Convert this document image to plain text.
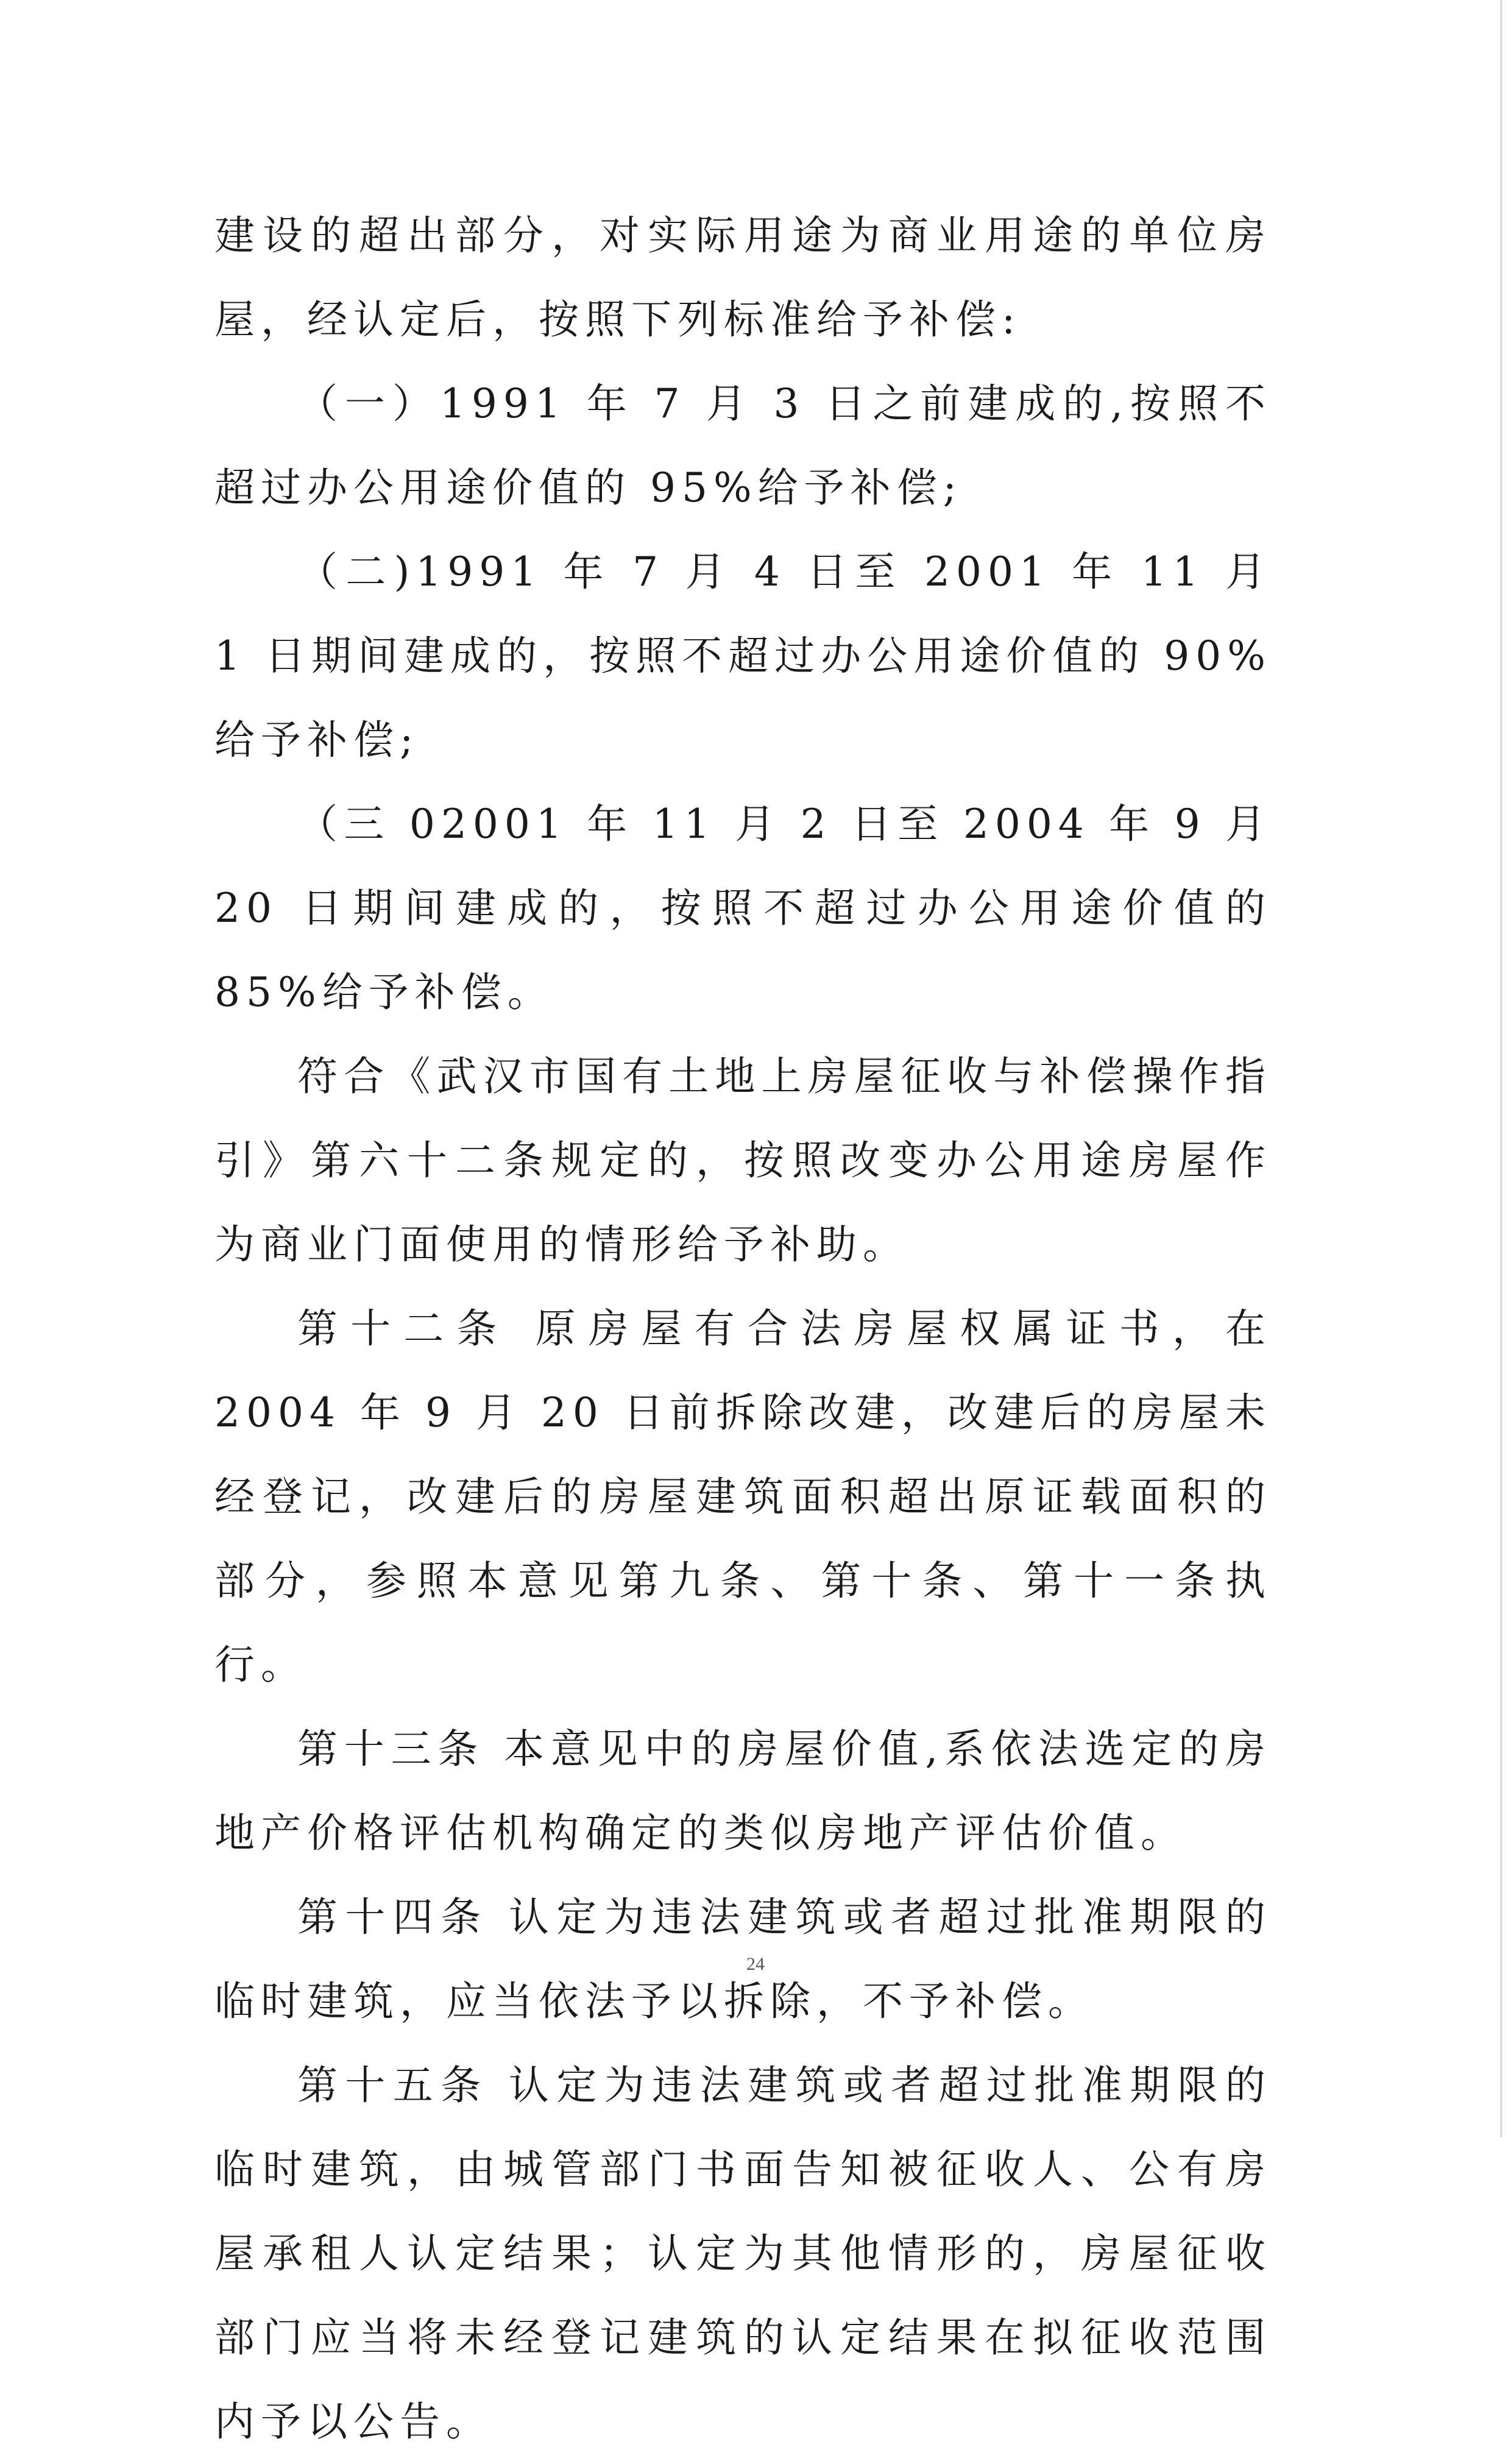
建设的超出部分，对实际用途为商业用途的单位房屋，经认定后，按照下列标准给予补偿:

（一）1991 年 7 月 3 日之前建成的,按照不超过办公用途价值的 95%给予补偿;

（二)1991 年 7 月 4 日至 2001 年 11 月 1 日期间建成的，按照不超过办公用途价值的 90%给予补偿;

（三 02001 年 11 月 2 日至 2004 年 9 月 20 日期间建成的，按照不超过办公用途价值的 85%给予补偿。

符合《武汉市国有土地上房屋征收与补偿操作指引》第六十二条规定的，按照改变办公用途房屋作为商业门面使用的情形给予补助。

第十二条 原房屋有合法房屋权属证书，在 2004 年 9 月 20 日前拆除改建，改建后的房屋未经登记，改建后的房屋建筑面积超出原证载面积的部分，参照本意见第九条、第十条、第十一条执行。

第十三条 本意见中的房屋价值,系依法选定的房地产价格评估机构确定的类似房地产评估价值。

第十四条 认定为违法建筑或者超过批准期限的临时建筑，应当依法予以拆除，不予补偿。

第十五条 认定为违法建筑或者超过批准期限的临时建筑，由城管部门书面告知被征收人、公有房屋承租人认定结果；认定为其他情形的，房屋征收部门应当将未经登记建筑的认定结果在拟征收范围内予以公告。

24
